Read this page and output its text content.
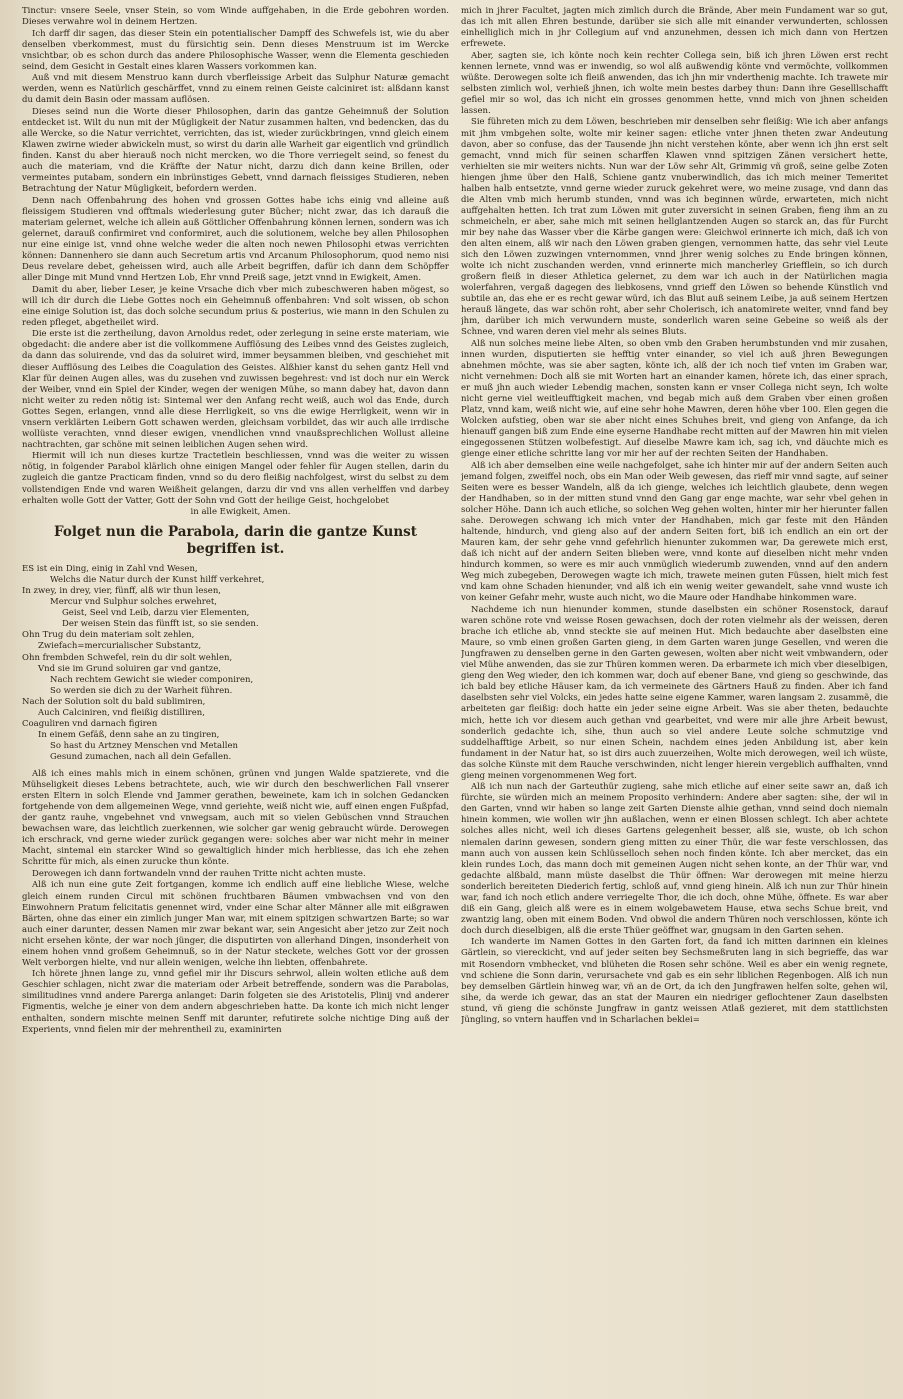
Tinctur: vnsere Seele, vnser Stein, so vom Winde auffgehaben, in die Erde gebohren worden. Dieses verwahre wol in deinem Hertzen.

Ich darff dir sagen, das dieser Stein ein potentialischer Dampff des Schwefels ist, wie du aber denselben vberkommest, must du fürsichtig sein. Denn dieses Menstruum ist im Wercke vnsichtbar, ob es schon durch das andere Philosophische Wasser, wenn die Elementa geschieden seind, dem Gesicht in Gestalt eines klaren Wassers vorkommen kan.

Auß vnd mit diesem Menstruo kann durch vberfleissige Arbeit das Sulphur Naturæ gemacht werden, wenn es Natürlich geschärffet, vnnd zu einem reinen Geiste calciniret ist: alßdann kanst du damit dein Basin oder massam auflösen.

Dieses seind nun die Worte dieser Philosophen, darin das gantze Geheimnuß der Solution entdecket ist. Wilt du nun mit der Mügligkeit der Natur zusammen halten, vnd bedencken, das du alle Wercke, so die Natur verrichtet, verrichten, das ist, wieder zurückbringen, vnnd gleich einem Klawen zwirne wieder abwickeln must, so wirst du darin alle Warheit gar eigentlich vnd gründlich finden. Kanst du aber hierauß noch nicht mercken, wo die Thore verriegelt seind, so fenest du auch die materiam, vnd die Kräffte der Natur nicht, darzu dich dann keine Brillen, oder vermeintes putabam, sondern ein inbrünstiges Gebett, vnnd darnach fleissiges Studieren, neben Betrachtung der Natur Mügligkeit, befordern werden.

Denn nach Offenbahrung des hohen vnd grossen Gottes habe ichs einig vnd alleine auß fleissigem Studieren vnd offtmals wiederlesung guter Bücher; nicht zwar, das ich darauß die materiam gelernet, welche ich allein auß Göttlicher Offenbahrung können lernen, sondern was ich gelernet, darauß confirmiret vnd conformiret, auch die solutionem, welche bey allen Philosophen nur eine einige ist, vnnd ohne welche weder die alten noch newen Philosophi etwas verrichten können: Dannenhero sie dann auch Secretum artis vnd Arcanum Philosophorum, quod nemo nisi Deus revelare debet, geheissen wird, auch alle Arbeit begriffen, dafür ich dann dem Schöpffer aller Dinge mit Mund vnnd Hertzen Lob, Ehr vnnd Preiß sage, jetzt vnnd in Ewigkeit, Amen.

Damit du aber, lieber Leser, je keine Vrsache dich vber mich zubeschweren haben mögest, so will ich dir durch die Liebe Gottes noch ein Geheimnuß offenbahren: Vnd solt wissen, ob schon eine einige Solution ist, das doch solche secundum prius & posterius, wie mann in den Schulen zu reden pfleget, abgetheilet wird.

Die erste ist die zertheilung, davon Arnoldus redet, oder zerlegung in seine erste materiam, wie obgedacht: die andere aber ist die vollkommene Aufflösung des Leibes vnnd des Geistes zugleich, da dann das soluirende, vnd das da soluiret wird, immer beysammen bleiben, vnd geschiehet mit dieser Aufflösung des Leibes die Coagulation des Geistes. Alßhier kanst du sehen gantz Hell vnd Klar für deinen Augen alles, was du zusehen vnd zuwissen begehrest: vnd ist doch nur ein Werck der Weiber, vnnd ein Spiel der Kinder, wegen der wenigen Mühe, so mann dabey hat, davon dann nicht weiter zu reden nötig ist: Sintemal wer den Anfang recht weiß, auch wol das Ende, durch Gottes Segen, erlangen, vnnd alle diese Herrligkeit, so vns die ewige Herrligkeit, wenn wir in vnsern verklärten Leibern Gott schawen werden, gleichsam vorbildet, das wir auch alle irrdische wollüste verachten, vnnd dieser ewigen, vnendlichen vnnd vnaußsprechlichen Wollust alleine nachtrachten, gar schöne mit seinen leiblichen Augen sehen wird.

Hiermit will ich nun dieses kurtze Tractetlein beschliessen, vnnd was die weiter zu wissen nötig, in folgender Parabol klärlich ohne einigen Mangel oder fehler für Augen stellen, darin du zugleich die gantze Practicam finden, vnnd so du dero fleißig nachfolgest, wirst du selbst zu dem vollstendigen Ende vnd waren Weißheit gelangen, darzu dir vnd vns allen verhelffen vnd darbey erhalten wolle Gott der Vatter, Gott der Sohn vnd Gott der heilige Geist, hochgelobet

in alle Ewigkeit, Amen.

Folget nun die Parabola, darin die gantze Kunst begriffen ist.
ES ist ein Ding, einig in Zahl vnd Wesen,
Welchs die Natur durch der Kunst hilff verkehret,
In zwey, in drey, vier, fünff, alß wir thun lesen,
Mercur vnd Sulphur solches erwehret,
Geist, Seel vnd Leib, darzu vier Elementen,
Der weisen Stein das fünfft ist, so sie senden.
Ohn Trug du dein materiam solt zehlen,
Zwiefach=mercurialischer Substantz,
Ohn frembden Schwefel, rein du dir solt wehlen,
Vnd sie im Grund soluiren gar vnd gantze,
Nach rechtem Gewicht sie wieder componiren,
So werden sie dich zu der Warheit führen.
Nach der Solution solt du bald sublimiren,
Auch Calciniren, vnd fleißig distilliren,
Coaguliren vnd darnach figiren
In einem Gefäß, denn sahe an zu tingiren,
So hast du Artzney Menschen vnd Metallen
Gesund zumachen, nach all dein Gefallen.

Alß ich eines mahls mich in einem schönen, grünen vnd jungen Walde spatzierete, vnd die Mühseligkeit dieses Lebens betrachtete, auch, wie wir durch den beschwerlichen Fall vnserer ersten Eltern in solch Elende vnd Jammer gerathen, beweinete, kam ich in solchen Gedancken fortgehende von dem allgemeinen Wege, vnnd geriehte, weiß nicht wie, auff einen engen Fußpfad, der gantz rauhe, vngebehnet vnd vnwegsam, auch mit so vielen Gebüschen vnnd Strauchen bewachsen ware, das leichtlich zuerkennen, wie solcher gar wenig gebraucht würde. Derowegen ich erschrack, vnd gerne wieder zurück gegangen were: solches aber war nicht mehr in meiner Macht, sintemal ein starcker Wind so gewaltiglich hinder mich herbliesse, das ich ehe zehen Schritte für mich, als einen zurucke thun könte.

Derowegen ich dann fortwandeln vnnd der rauhen Tritte nicht achten muste.

Alß ich nun eine gute Zeit fortgangen, komme ich endlich auff eine liebliche Wiese, welche gleich einem runden Circul mit schönen fruchtbaren Bäumen vmbwachsen vnd von den Einwohnern Pratum felicitatis genennet wird, vnder eine Schar alter Männer alle mit eißgrawen Bärten, ohne das einer ein zimlich junger Man war, mit einem spitzigen schwartzen Barte; so war auch einer darunter, dessen Namen mir zwar bekant war, sein Angesicht aber jetzo zur Zeit noch nicht ersehen könte, der war noch jünger, die disputirten von allerhand Dingen, insonderheit von einem hohen vnnd großem Geheimnuß, so in der Natur steckete, welches Gott vor der grossen Welt verborgen hielte, vnd nur allein wenigen, welche ihn liebten, offenbahrete.

Ich hörete jhnen lange zu, vnnd gefiel mir ihr Discurs sehrwol, allein wolten etliche auß dem Geschier schlagen, nicht zwar die materiam oder Arbeit betreffende, sondern was die Parabolas, similitudines vnnd andere Parerga anlanget: Darin folgeten sie des Aristotelis, Plinij vnd anderer Figmentis, welche je einer von dem andern abgeschrieben hatte. Da konte ich mich nicht lenger enthalten, sondern mischte meinen Senff mit darunter, refutirete solche nichtige Ding auß der Experients, vnnd fielen mir der mehrentheil zu, examinirten

mich in jhrer Facultet, jagten mich zimlich durch die Brände, Aber mein Fundament war so gut, das ich mit allen Ehren bestunde, darüber sie sich alle mit einander verwunderten, schlossen einhelliglich mich in jhr Collegium auf vnd anzunehmen, dessen ich mich dann von Hertzen erfrewete.

Aber, sagten sie, ich könte noch kein rechter Collega sein, biß ich jhren Löwen erst recht kennen lernete, vnnd was er inwendig, so wol alß außwendig könte vnd vermöchte, vollkommen wüßte. Derowegen solte ich fleiß anwenden, das ich jhn mir vnderthenig machte. Ich trawete mir selbsten zimlich wol, verhieß jhnen, ich wolte mein bestes darbey thun: Dann ihre Geselllschafft gefiel mir so wol, das ich nicht ein grosses genommen hette, vnnd mich von jhnen scheiden lassen.

Sie führeten mich zu dem Löwen, beschrieben mir denselben sehr fleißig: Wie ich aber anfangs mit jhm vmbgehen solte, wolte mir keiner sagen: etliche vnter jhnen theten zwar Andeutung davon, aber so confuse, das der Tausende jhn nicht verstehen könte, aber wenn ich jhn erst selt gemacht, vnnd mich für seinen scharffen Klawen vnnd spitzigen Zänen versichert hette, verhielten sie mir weiters nichts. Nun war der Löw sehr Alt, Grimmig vñ groß, seine gelbe Zoten hiengen jhme über den Halß, Schiene gantz vnuberwindlich, das ich mich meiner Temeritet halben halb entsetzte, vnnd gerne wieder zuruck gekehret were, wo meine zusage, vnd dann das die Alten vmb mich herumb stunden, vnnd was ich beginnen würde, erwarteten, mich nicht auffgehalten hetten. Ich trat zum Löwen mit guter zuversicht in seinen Graben, fieng ihm an zu schmeicheln, er aber, sahe mich mit seinen hellglantzenden Augen so starck an, das für Furcht mir bey nahe das Wasser vber die Kärbe gangen were: Gleichwol erinnerte ich mich, daß ich von den alten einem, alß wir nach den Löwen graben giengen, vernommen hatte, das sehr viel Leute sich den Löwen zuzwingen vnternommen, vnnd jhrer wenig solches zu Ende bringen können, wolte ich nicht zuschanden werden, vnnd erinnerte mich mancherley Griefflein, so ich durch großern fleiß in dieser Athletica gelernet, zu dem war ich auch in der Natürlichen magia wolerfahren, vergaß dagegen des liebkosens, vnnd grieff den Löwen so behende Künstlich vnd subtile an, das ehe er es recht gewar würd, ich das Blut auß seinem Leibe, ja auß seinem Hertzen herauß längete, das war schön roht, aber sehr Cholerisch, ich anatomirete weiter, vnnd fand bey jhm, darüber ich mich verwundern muste, sonderlich waren seine Gebeine so weiß als der Schnee, vnd waren deren viel mehr als seines Bluts.

Alß nun solches meine liebe Alten, so oben vmb den Graben herumbstunden vnd mir zusahen, innen wurden, disputierten sie hefftig vnter einander, so viel ich auß jhren Bewegungen abnehmen möchte, was sie aber sagten, könte ich, alß der ich noch tief vnten im Graben war, nicht vernehmen: Doch alß sie mit Worten hart an einander kamen, hörete ich, das einer sprach, er muß jhn auch wieder Lebendig machen, sonsten kann er vnser Collega nicht seyn, Ich wolte nicht gerne viel weitleufftigkeit machen, vnd begab mich auß dem Graben vber einen großen Platz, vnnd kam, weiß nicht wie, auf eine sehr hohe Mawren, deren höhe vber 100. Elen gegen die Wolcken aufstieg, oben war sie aber nicht eines Schuhes breit, vnd gieng von Anfange, da ich hienauff gangen biß zum Ende eine eyserne Handhabe recht mitten auf der Mawren hin mit vielen eingegossenen Stützen wolbefestigt. Auf dieselbe Mawre kam ich, sag ich, vnd däuchte mich es gienge einer etliche schritte lang vor mir her auf der rechten Seiten der Handhaben.

Alß ich aber demselben eine weile nachgefolget, sahe ich hinter mir auf der andern Seiten auch jemand folgen, zweiffel noch, obs ein Man oder Weib gewesen, das rieff mir vnnd sagte, auf seiner Seiten were es besser Wandeln, alß da ich gienge, welches ich leichtlich glaubete, denn wegen der Handhaben, so in der mitten stund vnnd den Gang gar enge machte, war sehr vbel gehen in solcher Höhe. Dann ich auch etliche, so solchen Weg gehen wolten, hinter mir her hierunter fallen sahe. Derowegen schwang ich mich vnter der Handhaben, mich gar feste mit den Händen haltende, hindurch, vnd gieng also auf der andern Seiten fort, biß ich endlich an ein ort der Mauren kam, der sehr gehe vnnd gefehrlich hienunter zukommen war, Da gerewete mich erst, daß ich nicht auf der andern Seiten blieben were, vnnd konte auf dieselben nicht mehr vnden hindurch kommen, so were es mir auch vnmüglich wiederumb zuwenden, vnnd auf den andern Weg mich zubegeben, Derowegen wagte ich mich, trawete meinen guten Füssen, hielt mich fest vnd kam ohne Schaden hienunder, vnd alß ich ein wenig weiter gewandelt, sahe vnnd wuste ich von keiner Gefahr mehr, wuste auch nicht, wo die Maure oder Handhabe hinkommen ware.

Nachdeme ich nun hienunder kommen, stunde daselbsten ein schöner Rosenstock, darauf waren schöne rote vnd weisse Rosen gewachsen, doch der roten vielmehr als der weissen, deren brache ich etliche ab, vnnd steckte sie auf meinen Hut. Mich bedauchte aber daselbsten eine Maure, so vmb einen großen Garten gieng, in dem Garten waren junge Gesellen, vnd weren die Jungfrawen zu denselben gerne in den Garten gewesen, wolten aber nicht weit vmbwandern, oder viel Mühe anwenden, das sie zur Thüren kommen weren. Da erbarmete ich mich vber dieselbigen, gieng den Weg wieder, den ich kommen war, doch auf ebener Bane, vnd gieng so geschwinde, das ich bald bey etliche Häuser kam, da ich vermeinete des Gärtners Hauß zu finden. Aber ich fand daselbsten sehr viel Volcks, ein jedes hatte seine eigene Kammer, waren langsam 2. zusammẽ, die arbeiteten gar fleißig: doch hatte ein jeder seine eigne Arbeit. Was sie aber theten, bedauchte mich, hette ich vor diesem auch gethan vnd gearbeitet, vnd were mir alle jhre Arbeit bewust, sonderlich gedachte ich, sihe, thun auch so viel andere Leute solche schmutzige vnd suddelhafftige Arbeit, so nur einen Schein, nachdem eines jeden Anbildung ist, aber kein fundament in der Natur hat, so ist dirs auch zuuerzeihen, Wolte mich derowegen, weil ich wüste, das solche Künste mit dem Rauche verschwinden, nicht lenger hierein vergeblich auffhalten, vnnd gieng meinen vorgenommenen Weg fort.

Alß ich nun nach der Garteuthür zugieng, sahe mich etliche auf einer seite sawr an, daß ich fürchte, sie würden mich an meinem Proposito verhindern: Andere aber sagten: sihe, der wil in den Garten, vnnd wir haben so lange zeit Garten Dienste alhie gethan, vnnd seind doch niemaln hinein kommen, wie wollen wir jhn außlachen, wenn er einen Blossen schlegt. Ich aber achtete solches alles nicht, weil ich dieses Gartens gelegenheit besser, alß sie, wuste, ob ich schon niemalen darinn gewesen, sondern gieng mitten zu einer Thür, die war feste verschlossen, das mann auch von aussen kein Schlüsselloch sehen noch finden könte. Ich aber mercket, das ein klein rundes Loch, das mann doch mit gemeinen Augen nicht sehen konte, an der Thür war, vnd gedachte alßbald, mann müste daselbst die Thür öffnen: War derowegen mit meine hierzu sonderlich bereiteten Diederich fertig, schloß auf, vnnd gieng hinein. Alß ich nun zur Thür hinein war, fand ich noch etlich andere verriegelte Thor, die ich doch, ohne Mühe, öffnete. Es war aber diß ein Gang, gleich alß were es in einem wolgebawetem Hause, etwa sechs Schue breit, vnd zwantzig lang, oben mit einem Boden. Vnd obwol die andern Thüren noch verschlossen, könte ich doch durch dieselbigen, alß die erste Thüer geöffnet war, gnugsam in den Garten sehen.

Ich wanderte im Namen Gottes in den Garten fort, da fand ich mitten darinnen ein kleines Gärtlein, so viereckicht, vnd auf jeder seiten bey Sechsmeßruten lang in sich begrieffe, das war mit Rosendorn vmbhecket, vnd blüheten die Rosen sehr schöne. Weil es aber ein wenig regnete, vnd schiene die Sonn darin, verursachete vnd gab es ein sehr liblichen Regenbogen. Alß ich nun bey demselben Gärtlein hinweg war, vñ an de Ort, da ich den Jungfrawen helfen solte, gehen wil, sihe, da werde ich gewar, das an stat der Mauren ein niedriger geflochtener Zaun daselbsten stund, vñ gieng die schönste Jungfraw in gantz weissen Atlaß gezieret, mit dem stattlichsten Jüngling, so vntern hauffen vnd in Scharlachen beklei=
